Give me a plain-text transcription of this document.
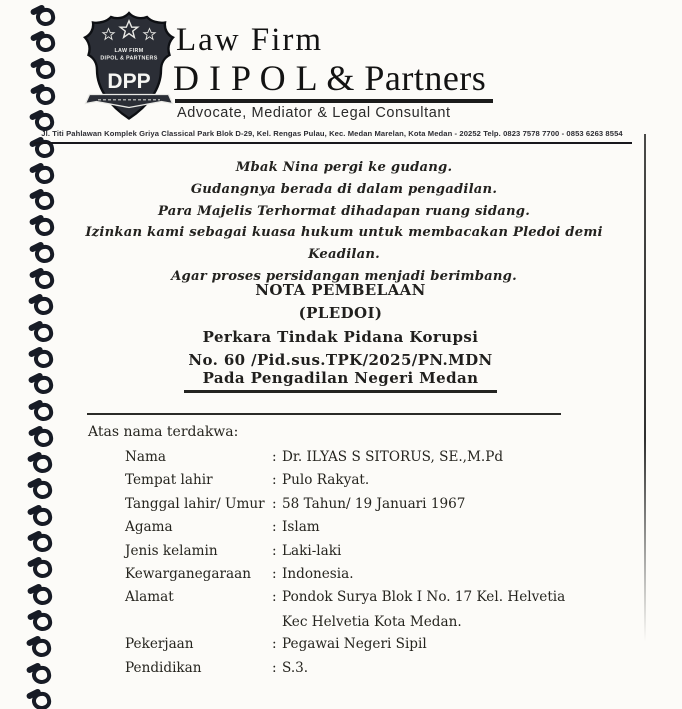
LAW FIRM
DIPOL & PARTNERS
DPP
Law Firm
D I P O L & Partners
Advocate, Mediator & Legal Consultant
Jl. Titi Pahlawan Komplek Griya Classical Park Blok D-29, Kel. Rengas Pulau, Kec. Medan Marelan, Kota Medan - 20252 Telp. 0823 7578 7700 - 0853 6263 8554
Mbak Nina pergi ke gudang.
Gudangnya berada di dalam pengadilan.
Para Majelis Terhormat dihadapan ruang sidang.
Izinkan kami sebagai kuasa hukum untuk membacakan Pledoi demi Keadilan.
Agar proses persidangan menjadi berimbang.
NOTA PEMBELAAN
(PLEDOI)
Perkara Tindak Pidana Korupsi
No. 60 /Pid.sus.TPK/2025/PN.MDN
Pada Pengadilan Negeri Medan
Atas nama terdakwa:
Nama	: Dr. ILYAS S SITORUS, SE.,M.Pd
Tempat lahir	: Pulo Rakyat.
Tanggal lahir/ Umur : 58 Tahun/ 19 Januari 1967
Agama	: Islam
Jenis kelamin	: Laki-laki
Kewarganegaraan	: Indonesia.
Alamat	: Pondok Surya Blok I No. 17 Kel. Helvetia
Kec Helvetia Kota Medan.
Pekerjaan	: Pegawai Negeri Sipil
Pendidikan	: S.3.
